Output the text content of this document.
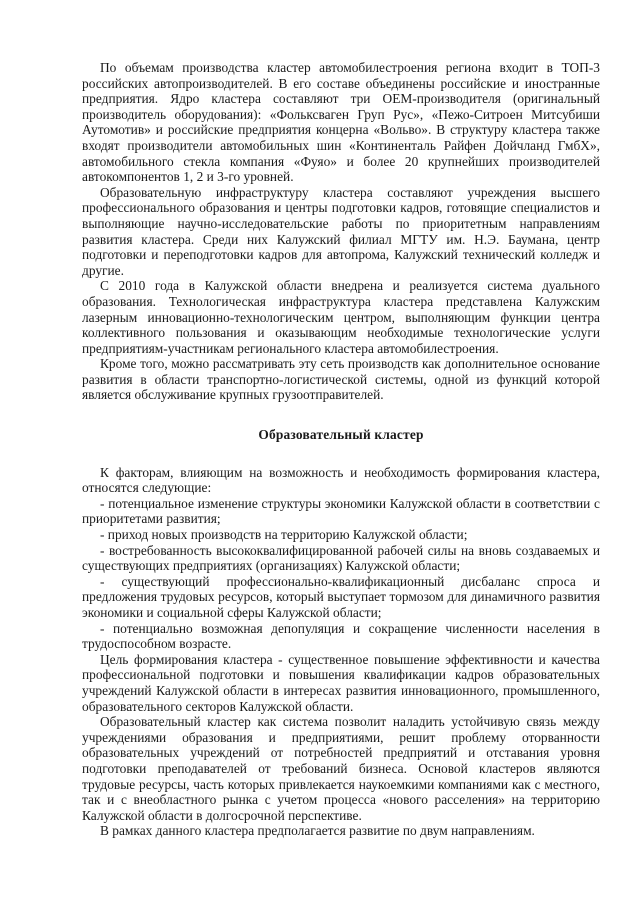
По объемам производства кластер автомобилестроения региона входит в ТОП-3 российских автопроизводителей. В его составе объединены российские и иностранные предприятия. Ядро кластера составляют три ОЕМ-производителя (оригинальный производитель оборудования): «Фольксваген Груп Рус», «Пежо-Ситроен Митсубиши Аутомотив» и российские предприятия концерна «Вольво». В структуру кластера также входят производители автомобильных шин «Континенталь Райфен Дойчланд ГмбХ», автомобильного стекла компания «Фуяо» и более 20 крупнейших производителей автокомпонентов 1, 2 и 3-го уровней.

Образовательную инфраструктуру кластера составляют учреждения высшего профессионального образования и центры подготовки кадров, готовящие специалистов и выполняющие научно-исследовательские работы по приоритетным направлениям развития кластера. Среди них Калужский филиал МГТУ им. Н.Э. Баумана, центр подготовки и переподготовки кадров для автопрома, Калужский технический колледж и другие.

С 2010 года в Калужской области внедрена и реализуется система дуального образования. Технологическая инфраструктура кластера представлена Калужским лазерным инновационно-технологическим центром, выполняющим функции центра коллективного пользования и оказывающим необходимые технологические услуги предприятиям-участникам регионального кластера автомобилестроения.

Кроме того, можно рассматривать эту сеть производств как дополнительное основание развития в области транспортно-логистической системы, одной из функций которой является обслуживание крупных грузоотправителей.

Образовательный кластер

К факторам, влияющим на возможность и необходимость формирования кластера, относятся следующие:

- потенциальное изменение структуры экономики Калужской области в соответствии с приоритетами развития;

- приход новых производств на территорию Калужской области;

- востребованность высококвалифицированной рабочей силы на вновь создаваемых и существующих предприятиях (организациях) Калужской области;

- существующий профессионально-квалификационный дисбаланс спроса и предложения трудовых ресурсов, который выступает тормозом для динамичного развития экономики и социальной сферы Калужской области;

- потенциально возможная депопуляция и сокращение численности населения в трудоспособном возрасте.

Цель формирования кластера - существенное повышение эффективности и качества профессиональной подготовки и повышения квалификации кадров образовательных учреждений Калужской области в интересах развития инновационного, промышленного, образовательного секторов Калужской области.

Образовательный кластер как система позволит наладить устойчивую связь между учреждениями образования и предприятиями, решит проблему оторванности образовательных учреждений от потребностей предприятий и отставания уровня подготовки преподавателей от требований бизнеса. Основой кластеров являются трудовые ресурсы, часть которых привлекается наукоемкими компаниями как с местного, так и с внеобластного рынка с учетом процесса «нового расселения» на территорию Калужской области в долгосрочной перспективе.

В рамках данного кластера предполагается развитие по двум направлениям.
